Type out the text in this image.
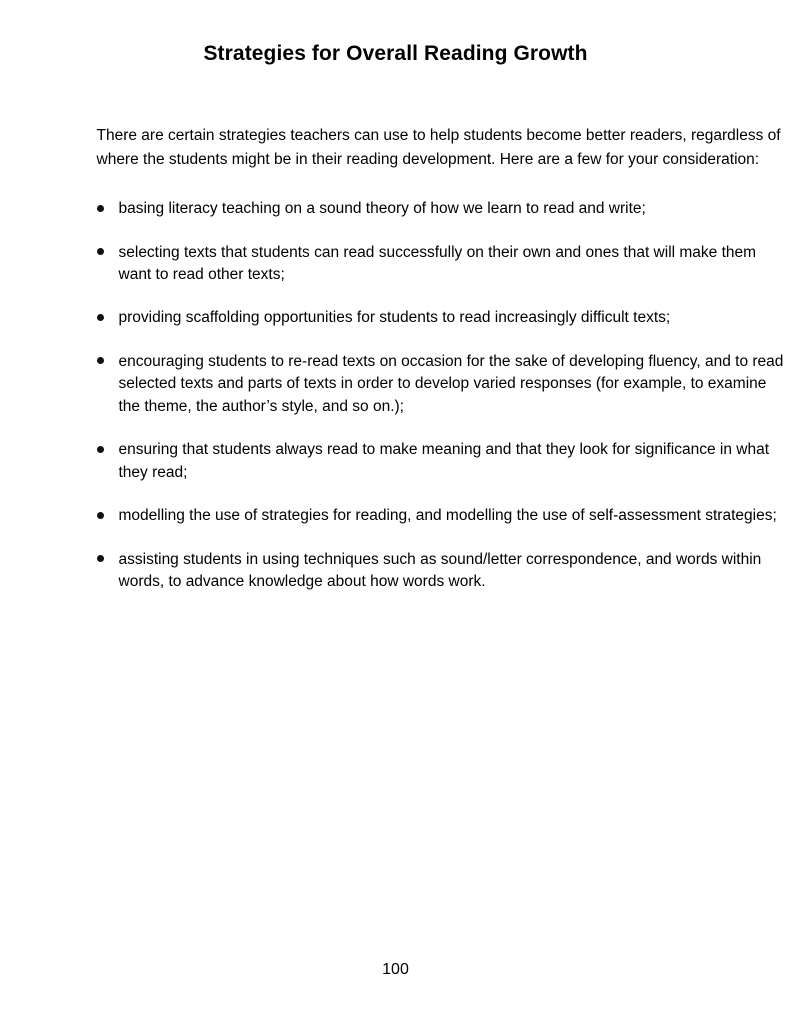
Strategies for Overall Reading Growth

There are certain strategies teachers can use to help students become better readers, regardless of where the students might be in their reading development. Here are a few for your consideration:

basing literacy teaching on a sound theory of how we learn to read and write;
selecting texts that students can read successfully on their own and ones that will make them want to read other texts;
providing scaffolding opportunities for students to read increasingly difficult texts;
encouraging students to re-read texts on occasion for the sake of developing fluency, and to read selected texts and parts of texts in order to develop varied responses (for example, to examine the theme, the author’s style, and so on.);
ensuring that students always read to make meaning and that they look for significance in what they read;
modelling the use of strategies for reading, and modelling the use of self-assessment strategies;
assisting students in using techniques such as sound/letter correspondence, and words within words, to advance knowledge about how words work.
100
